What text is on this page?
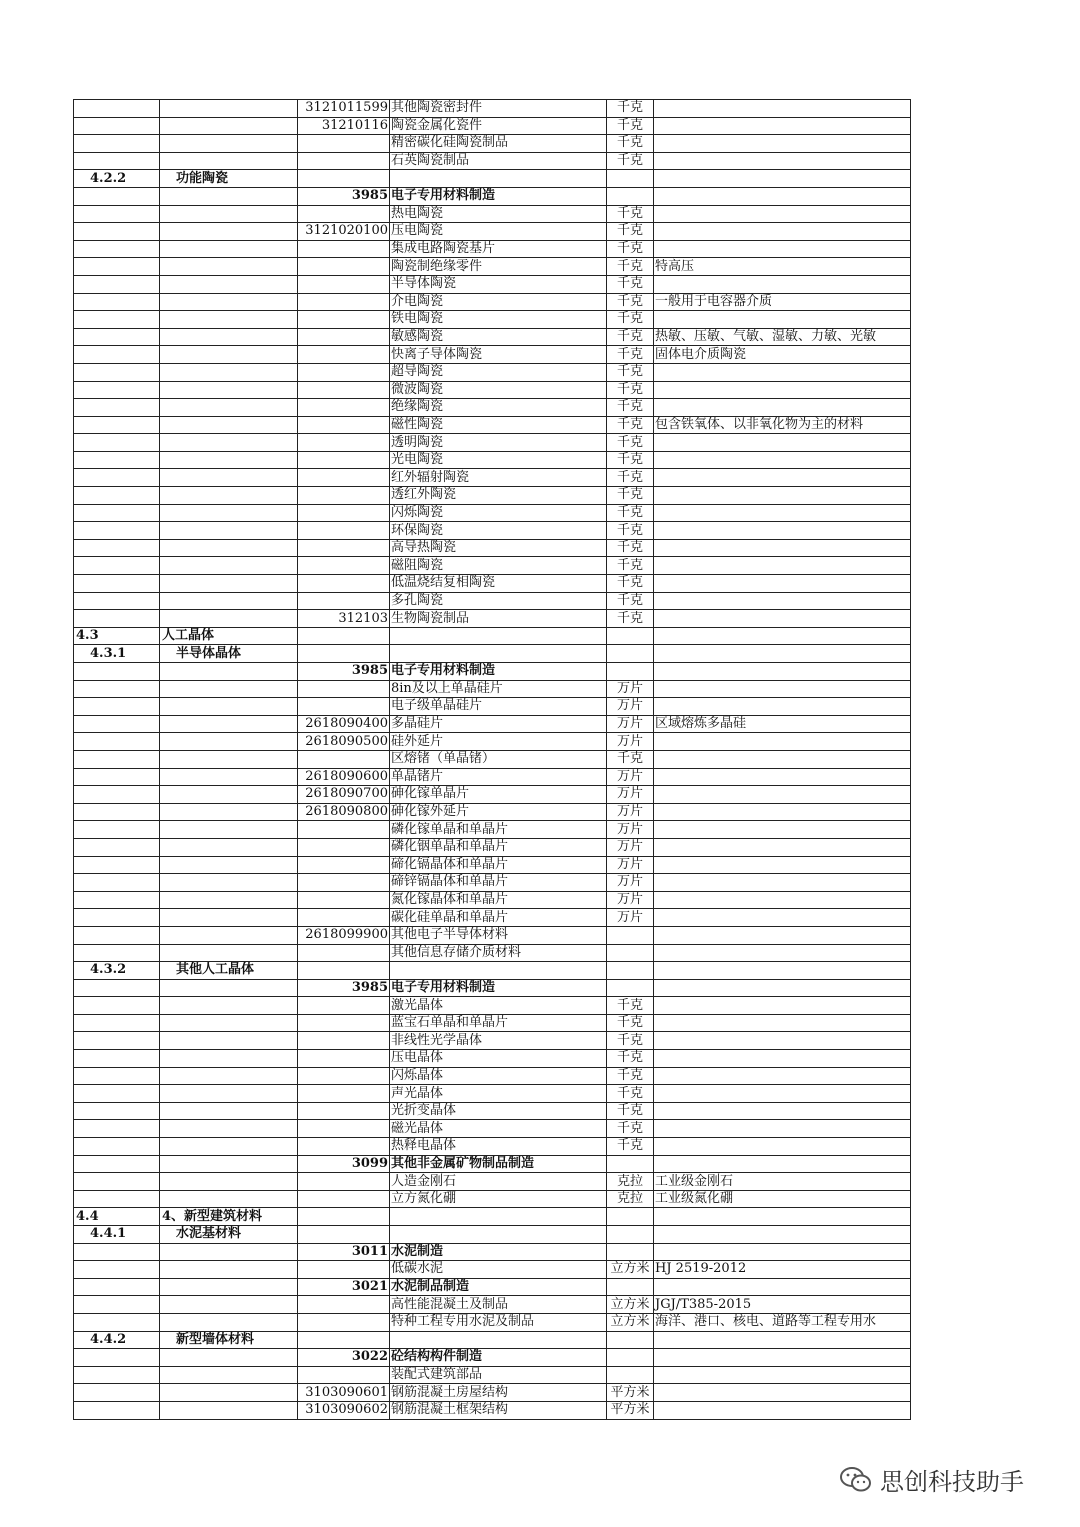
		3121011599	其他陶瓷密封件	千克	
		31210116	陶瓷金属化瓷件	千克	
			精密碳化硅陶瓷制品	千克	
			石英陶瓷制品	千克	
4.2.2	功能陶瓷				
		3985	电子专用材料制造		
			热电陶瓷	千克	
		3121020100	压电陶瓷	千克	
			集成电路陶瓷基片	千克	
			陶瓷制绝缘零件	千克	特高压
			半导体陶瓷	千克	
			介电陶瓷	千克	一般用于电容器介质
			铁电陶瓷	千克	
			敏感陶瓷	千克	热敏、压敏、气敏、湿敏、力敏、光敏
			快离子导体陶瓷	千克	固体电介质陶瓷
			超导陶瓷	千克	
			微波陶瓷	千克	
			绝缘陶瓷	千克	
			磁性陶瓷	千克	包含铁氧体、以非氧化物为主的材料
			透明陶瓷	千克	
			光电陶瓷	千克	
			红外辐射陶瓷	千克	
			透红外陶瓷	千克	
			闪烁陶瓷	千克	
			环保陶瓷	千克	
			高导热陶瓷	千克	
			磁阻陶瓷	千克	
			低温烧结复相陶瓷	千克	
			多孔陶瓷	千克	
		312103	生物陶瓷制品	千克	
4.3	人工晶体				
4.3.1	半导体晶体				
		3985	电子专用材料制造		
			8in及以上单晶硅片	万片	
			电子级单晶硅片	万片	
		2618090400	多晶硅片	万片	区域熔炼多晶硅
		2618090500	硅外延片	万片	
			区熔锗（单晶锗）	千克	
		2618090600	单晶锗片	万片	
		2618090700	砷化镓单晶片	万片	
		2618090800	砷化镓外延片	万片	
			磷化镓单晶和单晶片	万片	
			磷化铟单晶和单晶片	万片	
			碲化镉晶体和单晶片	万片	
			碲锌镉晶体和单晶片	万片	
			氮化镓晶体和单晶片	万片	
			碳化硅单晶和单晶片	万片	
		2618099900	其他电子半导体材料		
			其他信息存储介质材料		
4.3.2	其他人工晶体				
		3985	电子专用材料制造		
			激光晶体	千克	
			蓝宝石单晶和单晶片	千克	
			非线性光学晶体	千克	
			压电晶体	千克	
			闪烁晶体	千克	
			声光晶体	千克	
			光折变晶体	千克	
			磁光晶体	千克	
			热释电晶体	千克	
		3099	其他非金属矿物制品制造		
			人造金刚石	克拉	工业级金刚石
			立方氮化硼	克拉	工业级氮化硼
4.4	4、新型建筑材料				
4.4.1	水泥基材料				
		3011	水泥制造		
			低碳水泥	立方米	HJ 2519-2012
		3021	水泥制品制造		
			高性能混凝土及制品	立方米	JGJ/T385-2015
			特种工程专用水泥及制品	立方米	海洋、港口、核电、道路等工程专用水
4.4.2	新型墙体材料				
		3022	砼结构构件制造		
			装配式建筑部品		
		3103090601	钢筋混凝土房屋结构	平方米	
		3103090602	钢筋混凝土框架结构	平方米	
思创科技助手
